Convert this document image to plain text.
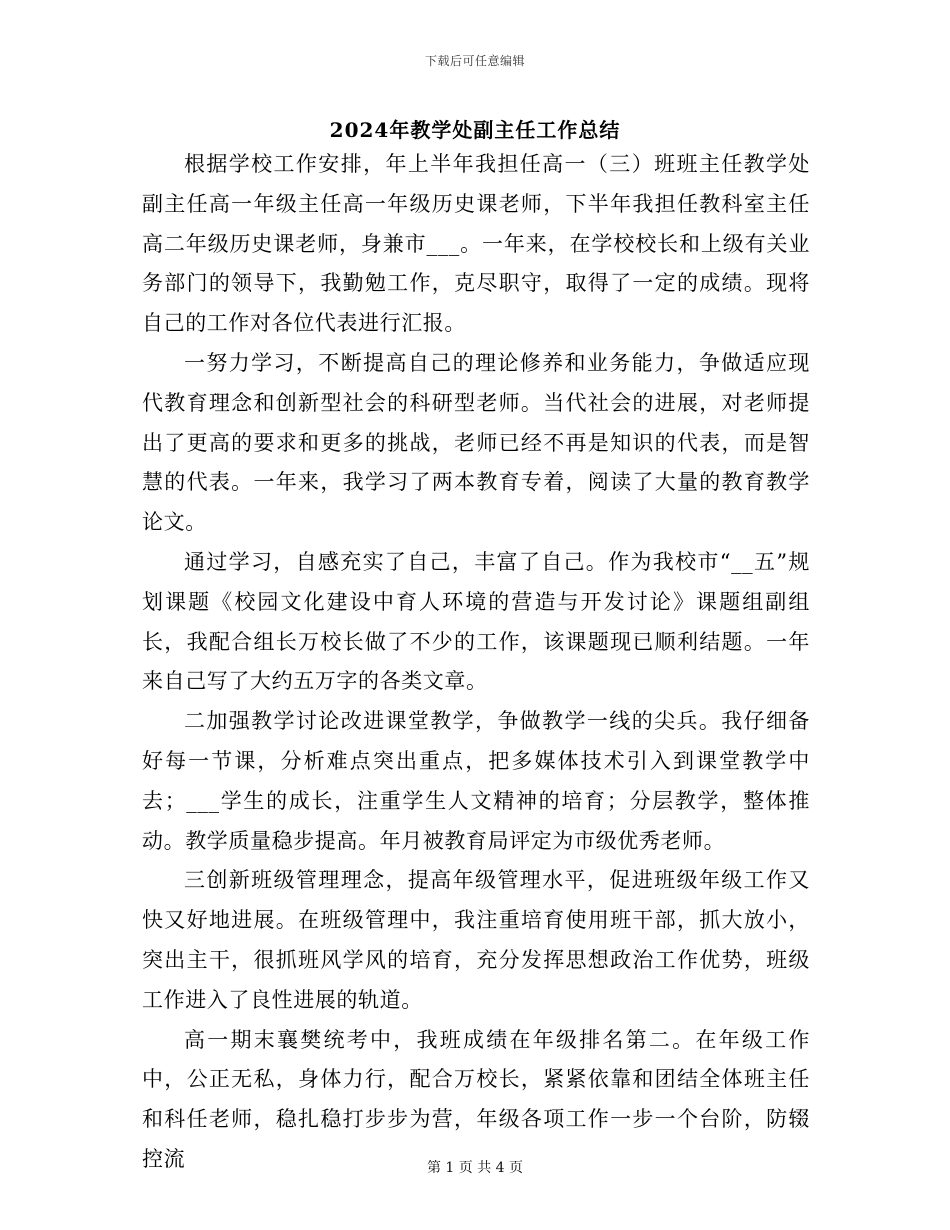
下载后可任意编辑
2024年教学处副主任工作总结

根据学校工作安排，年上半年我担任高一（三）班班主任教学处副主任高一年级主任高一年级历史课老师，下半年我担任教科室主任高二年级历史课老师，身兼市___。一年来，在学校校长和上级有关业务部门的领导下，我勤勉工作，克尽职守，取得了一定的成绩。现将自己的工作对各位代表进行汇报。

一努力学习，不断提高自己的理论修养和业务能力，争做适应现代教育理念和创新型社会的科研型老师。当代社会的进展，对老师提出了更高的要求和更多的挑战，老师已经不再是知识的代表，而是智慧的代表。一年来，我学习了两本教育专着，阅读了大量的教育教学论文。

通过学习，自感充实了自己，丰富了自己。作为我校市“__五”规划课题《校园文化建设中育人环境的营造与开发讨论》课题组副组长，我配合组长万校长做了不少的工作，该课题现已顺利结题。一年来自己写了大约五万字的各类文章。

二加强教学讨论改进课堂教学，争做教学一线的尖兵。我仔细备好每一节课，分析难点突出重点，把多媒体技术引入到课堂教学中去；___学生的成长，注重学生人文精神的培育；分层教学，整体推动。教学质量稳步提高。年月被教育局评定为市级优秀老师。

三创新班级管理理念，提高年级管理水平，促进班级年级工作又快又好地进展。在班级管理中，我注重培育使用班干部，抓大放小，突出主干，很抓班风学风的培育，充分发挥思想政治工作优势，班级工作进入了良性进展的轨道。

高一期末襄樊统考中，我班成绩在年级排名第二。在年级工作中，公正无私，身体力行，配合万校长，紧紧依靠和团结全体班主任和科任老师，稳扎稳打步步为营，年级各项工作一步一个台阶，防辍控流	第 1 页 共 4 页
